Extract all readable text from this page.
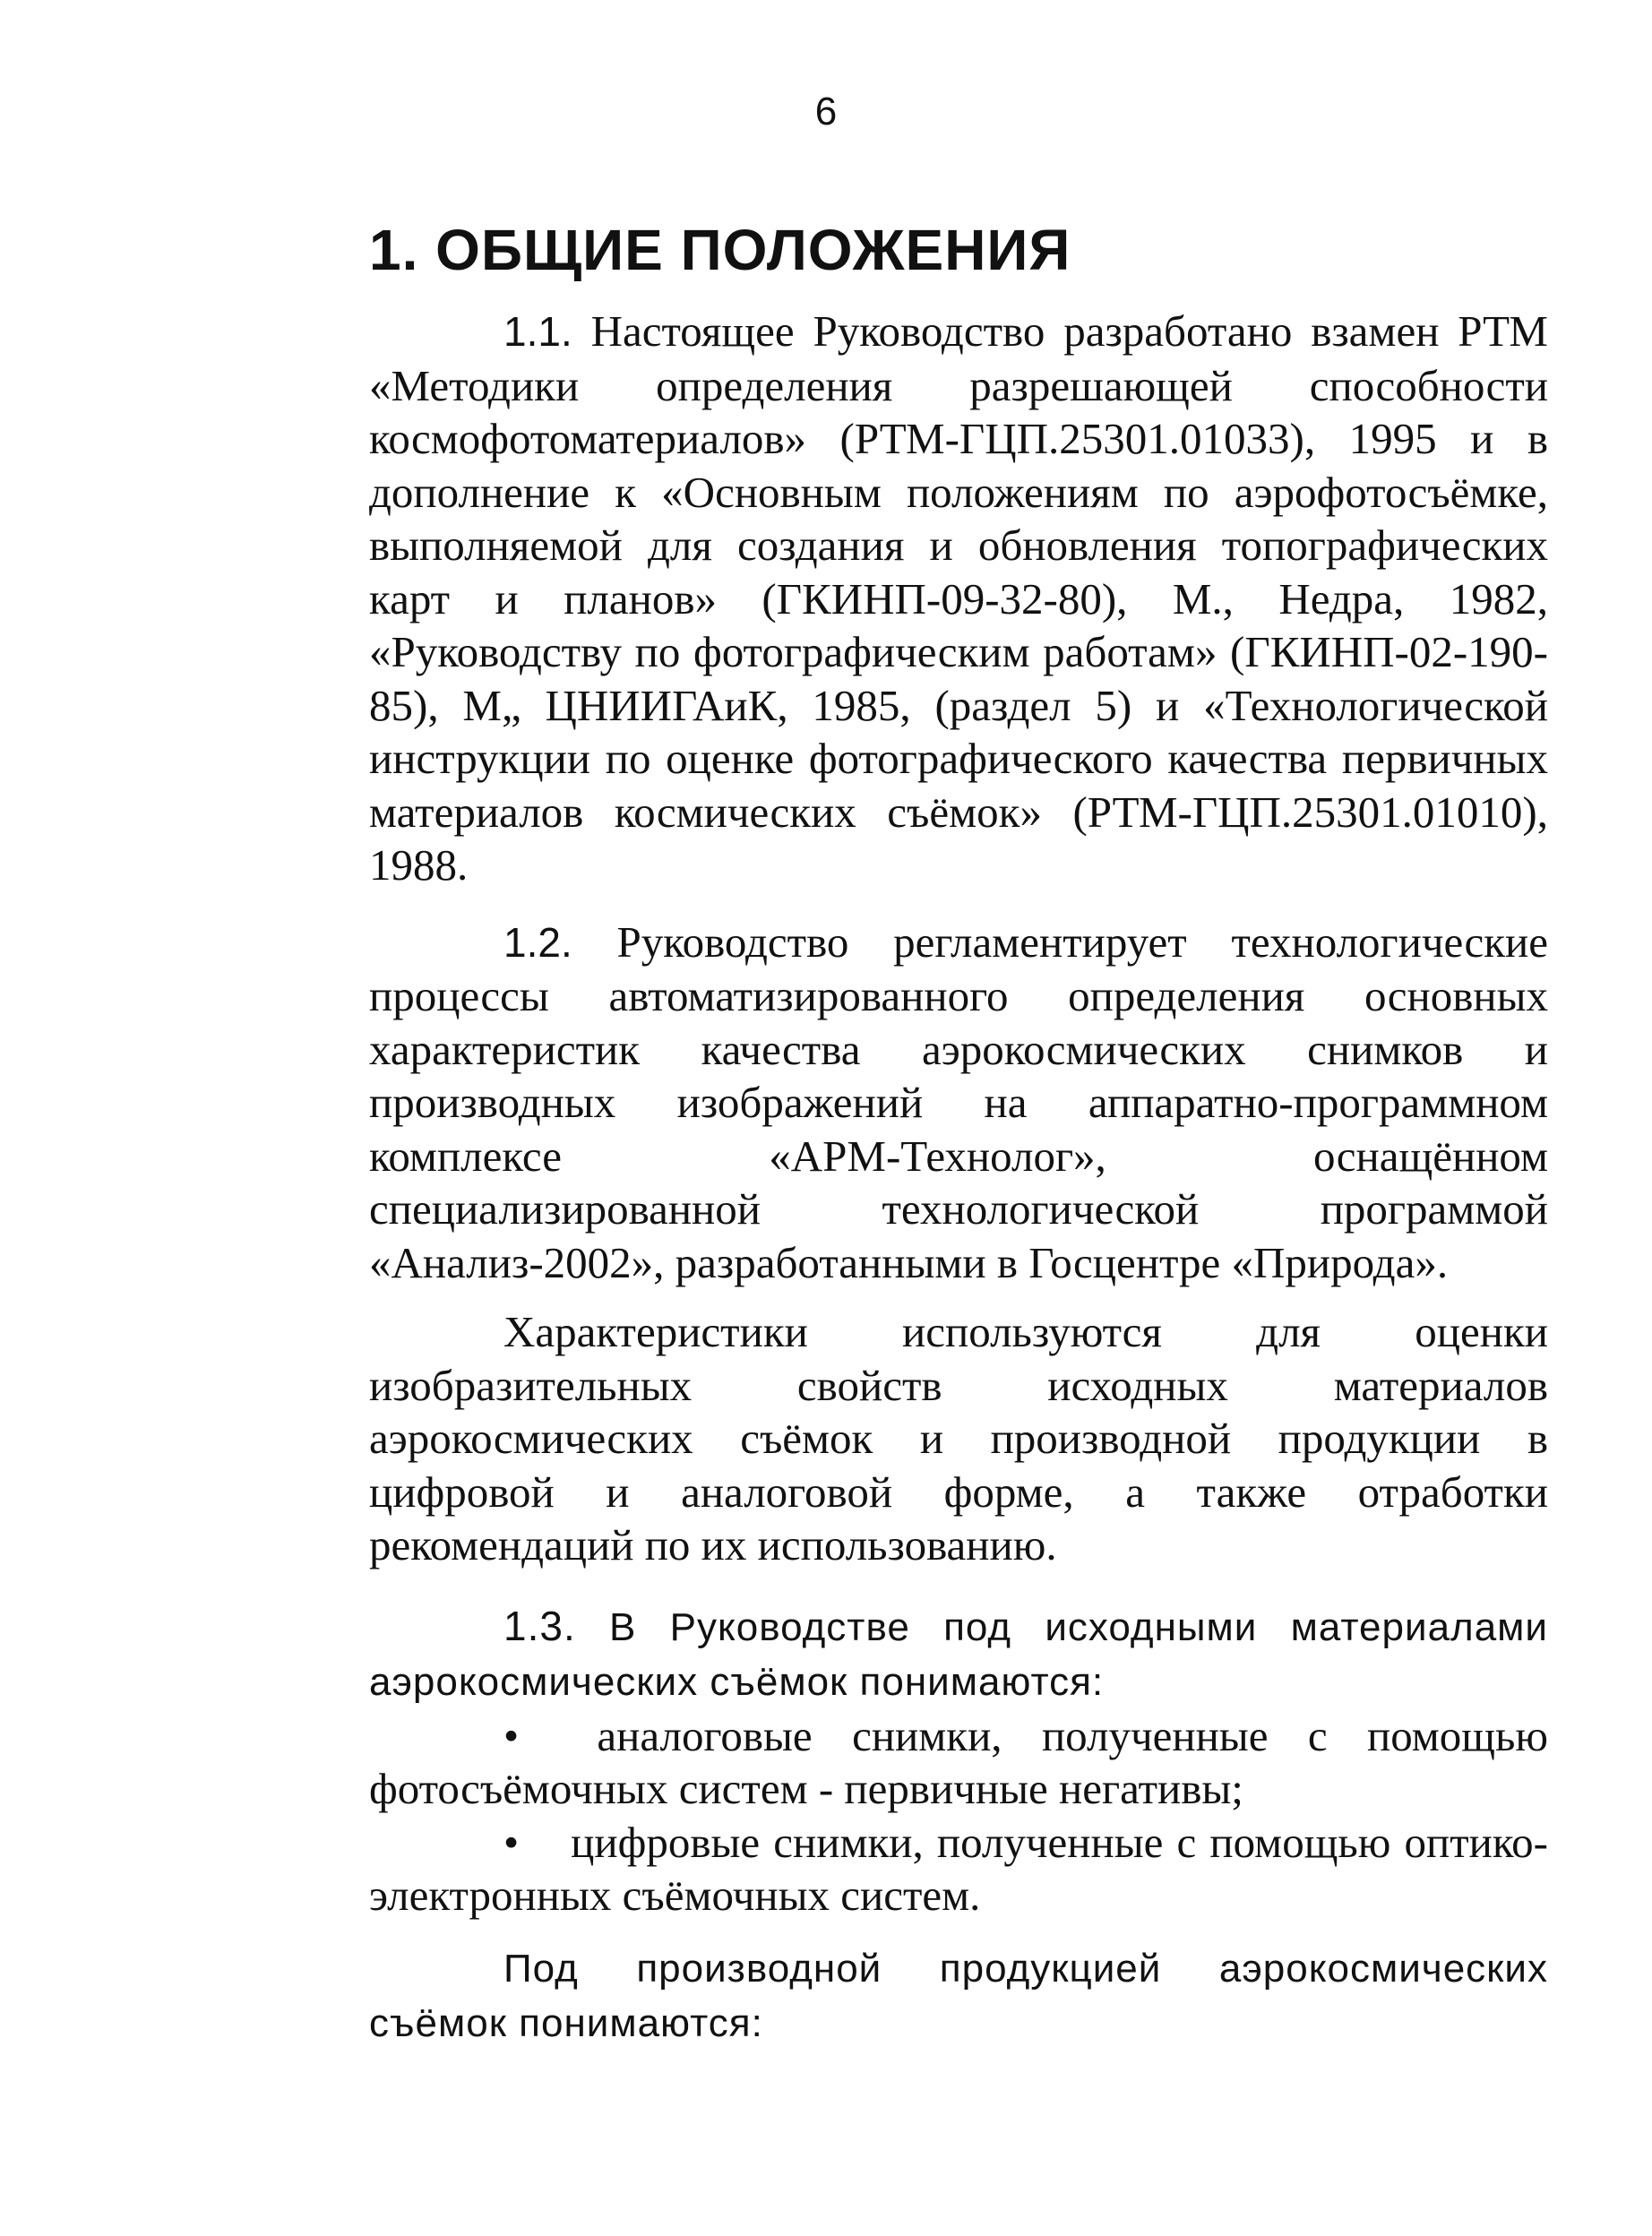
6
1. ОБЩИЕ ПОЛОЖЕНИЯ

1.1. Настоящее Руководство разработано взамен РТМ «Методики определения разрешающей способности космофотоматериалов» (РТМ-ГЦП.25301.01033), 1995 и в дополнение к «Основным положениям по аэрофотосъёмке, выполняемой для создания и обновления топографических карт и планов» (ГКИНП-09-32-80), М., Недра, 1982, «Руководству по фотографическим работам» (ГКИНП-02-190-85), М„ ЦНИИГАиК, 1985, (раздел 5) и «Технологической инструкции по оценке фотографического качества первичных материалов космических съёмок» (РТМ-ГЦП.25301.01010), 1988.

1.2. Руководство регламентирует технологические процессы автоматизированного определения основных характеристик качества аэрокосмических снимков и производных изображений на аппаратно-программном комплексе «АРМ-Технолог», оснащённом специализированной технологической программой «Анализ-2002», разработанными в Госцентре «Природа».

Характеристики используются для оценки изобразительных свойств исходных материалов аэрокосмических съёмок и производной продукции в цифровой и аналоговой форме, а также отработки рекомендаций по их использованию.

1.3. В Руководстве под исходными материалами аэрокосмических съёмок понимаются:

• аналоговые снимки, полученные с помощью фотосъёмочных систем - первичные негативы;

• цифровые снимки, полученные с помощью оптико-электронных съёмочных систем.

Под производной продукцией аэрокосмических съёмок понимаются:
